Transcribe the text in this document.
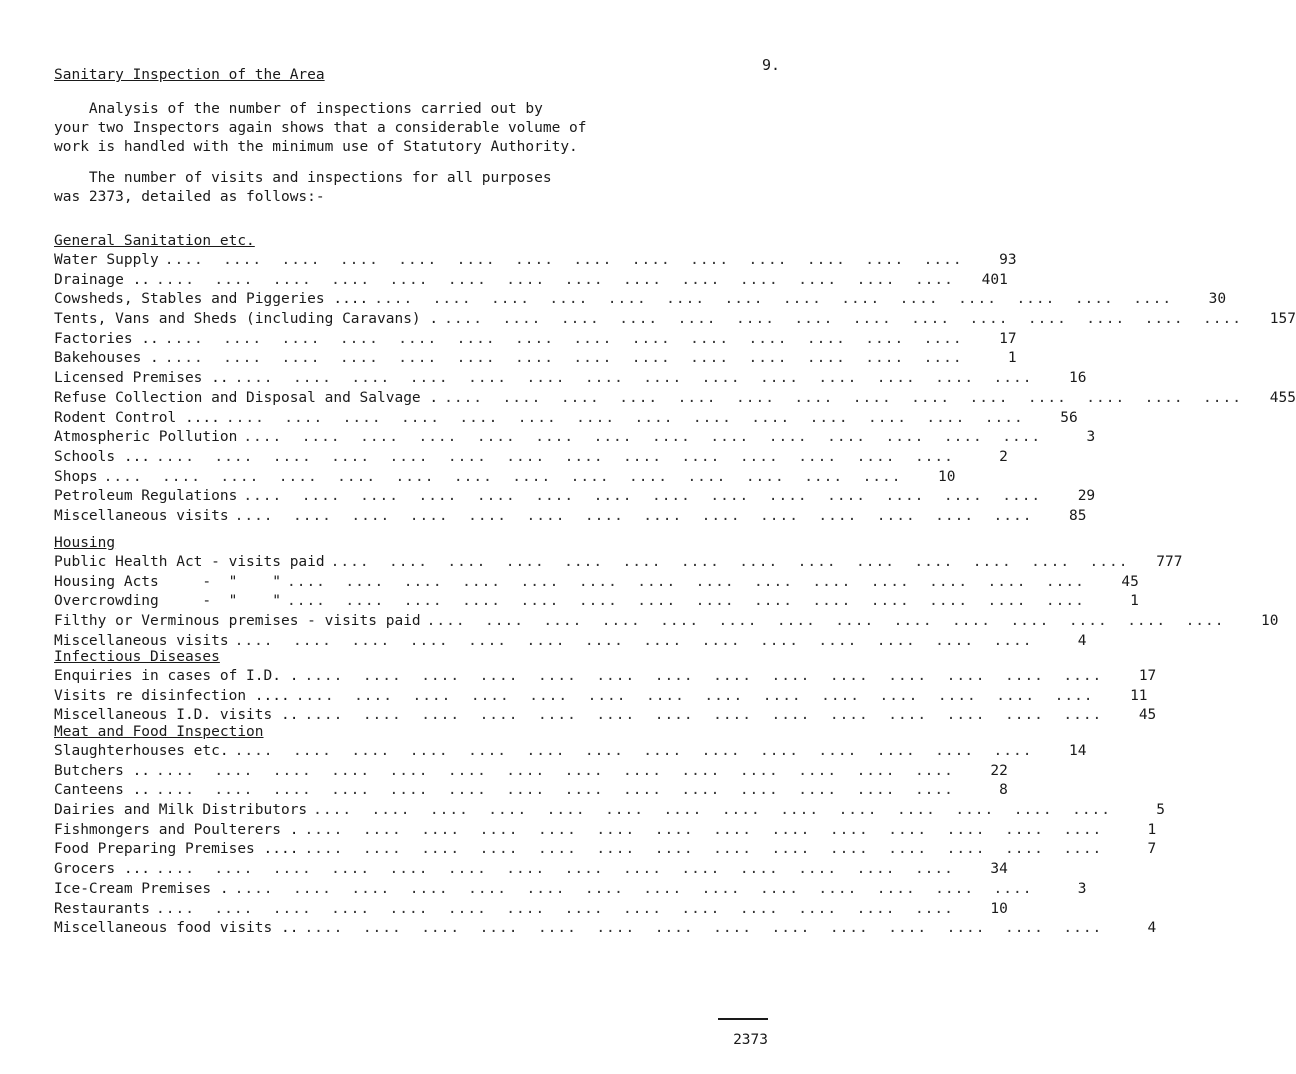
9.
Sanitary Inspection of the Area
Analysis of the number of inspections carried out by
your two Inspectors again shows that a considerable volume of
work is handled with the minimum use of Statutory Authority.
The number of visits and inspections for all purposes
was 2373, detailed as follows:-
General Sanitation etc.
Water Supply ....  ....  ....  ....  ....  ....  ....  ....  ....  ....  ....  ....  ....  ....	93
Drainage .. ....  ....  ....  ....  ....  ....  ....  ....  ....  ....  ....  ....  ....  ....	401
Cowsheds, Stables and Piggeries .... ....  ....  ....  ....  ....  ....  ....  ....  ....  ....  ....  ....  ....  ....	30
Tents, Vans and Sheds (including Caravans) . ....  ....  ....  ....  ....  ....  ....  ....  ....  ....  ....  ....  ....  ....	157
Factories .. ....  ....  ....  ....  ....  ....  ....  ....  ....  ....  ....  ....  ....  ....	17
Bakehouses . ....  ....  ....  ....  ....  ....  ....  ....  ....  ....  ....  ....  ....  ....	1
Licensed Premises .. ....  ....  ....  ....  ....  ....  ....  ....  ....  ....  ....  ....  ....  ....	16
Refuse Collection and Disposal and Salvage . ....  ....  ....  ....  ....  ....  ....  ....  ....  ....  ....  ....  ....  ....	455
Rodent Control .... ....  ....  ....  ....  ....  ....  ....  ....  ....  ....  ....  ....  ....  ....	56
Atmospheric Pollution ....  ....  ....  ....  ....  ....  ....  ....  ....  ....  ....  ....  ....  ....	3
Schools ... ....  ....  ....  ....  ....  ....  ....  ....  ....  ....  ....  ....  ....  ....	2
Shops ....  ....  ....  ....  ....  ....  ....  ....  ....  ....  ....  ....  ....  ....	10
Petroleum Regulations ....  ....  ....  ....  ....  ....  ....  ....  ....  ....  ....  ....  ....  ....	29
Miscellaneous visits ....  ....  ....  ....  ....  ....  ....  ....  ....  ....  ....  ....  ....  ....	85
Housing
Public Health Act - visits paid ....  ....  ....  ....  ....  ....  ....  ....  ....  ....  ....  ....  ....  ....	777
Housing Acts     -  "    " ....  ....  ....  ....  ....  ....  ....  ....  ....  ....  ....  ....  ....  ....	45
Overcrowding     -  "    " ....  ....  ....  ....  ....  ....  ....  ....  ....  ....  ....  ....  ....  ....	1
Filthy or Verminous premises - visits paid ....  ....  ....  ....  ....  ....  ....  ....  ....  ....  ....  ....  ....  ....	10
Miscellaneous visits ....  ....  ....  ....  ....  ....  ....  ....  ....  ....  ....  ....  ....  ....	4
Infectious Diseases
Enquiries in cases of I.D. . ....  ....  ....  ....  ....  ....  ....  ....  ....  ....  ....  ....  ....  ....	17
Visits re disinfection .... ....  ....  ....  ....  ....  ....  ....  ....  ....  ....  ....  ....  ....  ....	11
Miscellaneous I.D. visits .. ....  ....  ....  ....  ....  ....  ....  ....  ....  ....  ....  ....  ....  ....	45
Meat and Food Inspection
Slaughterhouses etc. ....  ....  ....  ....  ....  ....  ....  ....  ....  ....  ....  ....  ....  ....	14
Butchers .. ....  ....  ....  ....  ....  ....  ....  ....  ....  ....  ....  ....  ....  ....	22
Canteens .. ....  ....  ....  ....  ....  ....  ....  ....  ....  ....  ....  ....  ....  ....	8
Dairies and Milk Distributors ....  ....  ....  ....  ....  ....  ....  ....  ....  ....  ....  ....  ....  ....	5
Fishmongers and Poulterers . ....  ....  ....  ....  ....  ....  ....  ....  ....  ....  ....  ....  ....  ....	1
Food Preparing Premises .... ....  ....  ....  ....  ....  ....  ....  ....  ....  ....  ....  ....  ....  ....	7
Grocers ... ....  ....  ....  ....  ....  ....  ....  ....  ....  ....  ....  ....  ....  ....	34
Ice-Cream Premises . ....  ....  ....  ....  ....  ....  ....  ....  ....  ....  ....  ....  ....  ....	3
Restaurants ....  ....  ....  ....  ....  ....  ....  ....  ....  ....  ....  ....  ....  ....	10
Miscellaneous food visits .. ....  ....  ....  ....  ....  ....  ....  ....  ....  ....  ....  ....  ....  ....	4
2373
